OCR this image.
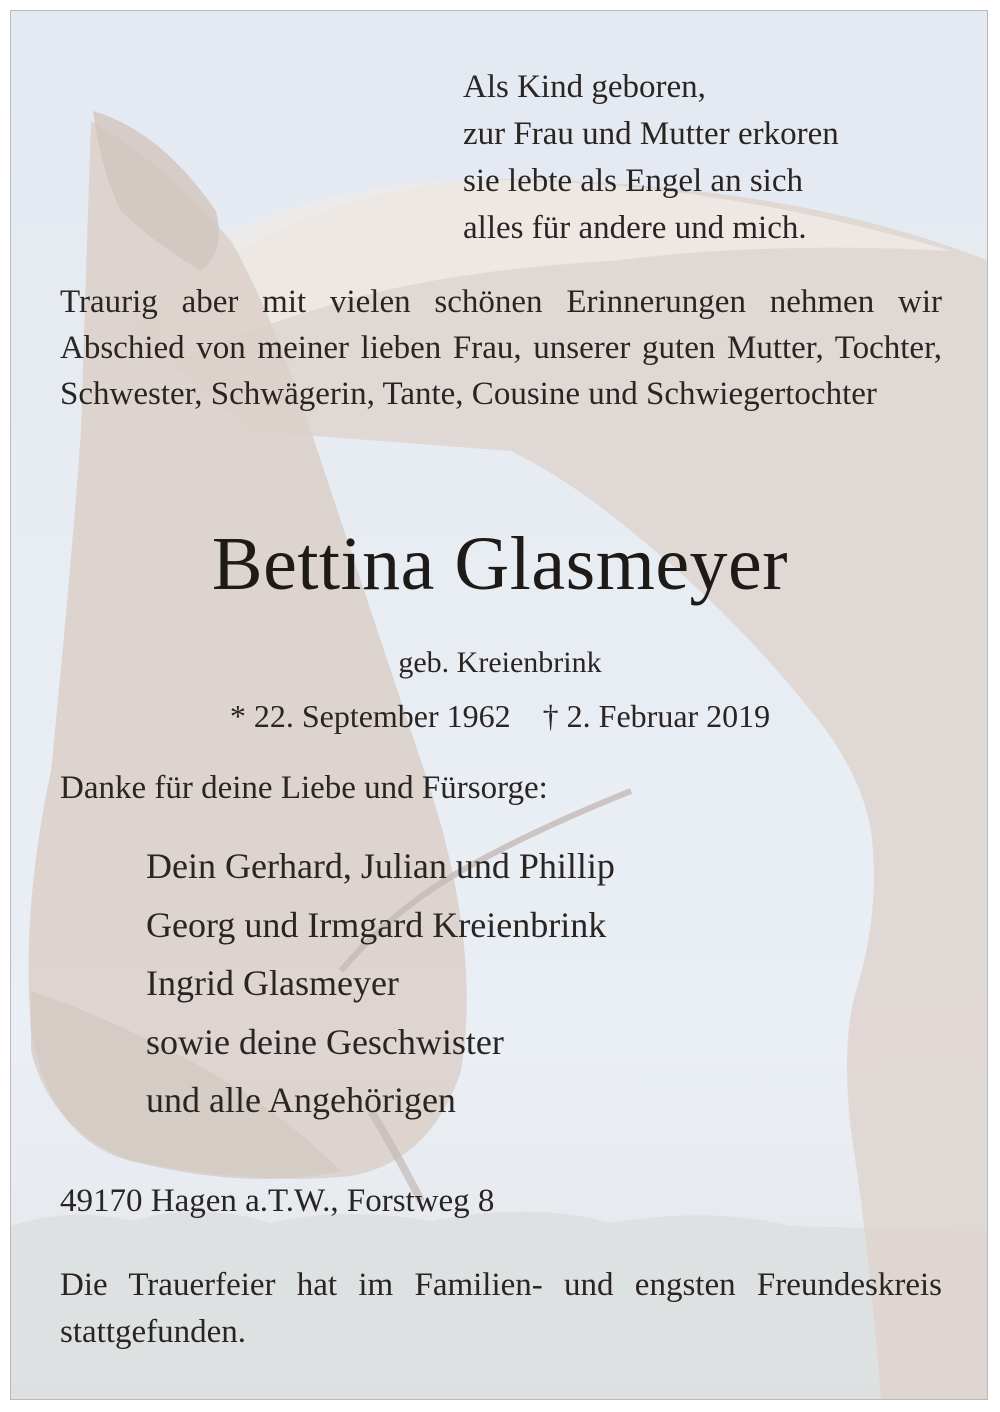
Als Kind geboren,
zur Frau und Mutter erkoren
sie lebte als Engel an sich
alles für andere und mich.
Traurig aber mit vielen schönen Erinnerungen nehmen wir Abschied von meiner lieben Frau, unserer guten Mutter, Tochter, Schwester, Schwägerin, Tante, Cousine und Schwiegertochter
Bettina Glasmeyer
geb. Kreienbrink
* 22. September 1962    † 2. Februar 2019
Danke für deine Liebe und Fürsorge:
Dein Gerhard, Julian und Phillip
Georg und Irmgard Kreienbrink
Ingrid Glasmeyer
sowie deine Geschwister
und alle Angehörigen
49170 Hagen a.T.W., Forstweg 8
Die Trauerfeier hat im Familien- und engsten Freundeskreis stattgefunden.
